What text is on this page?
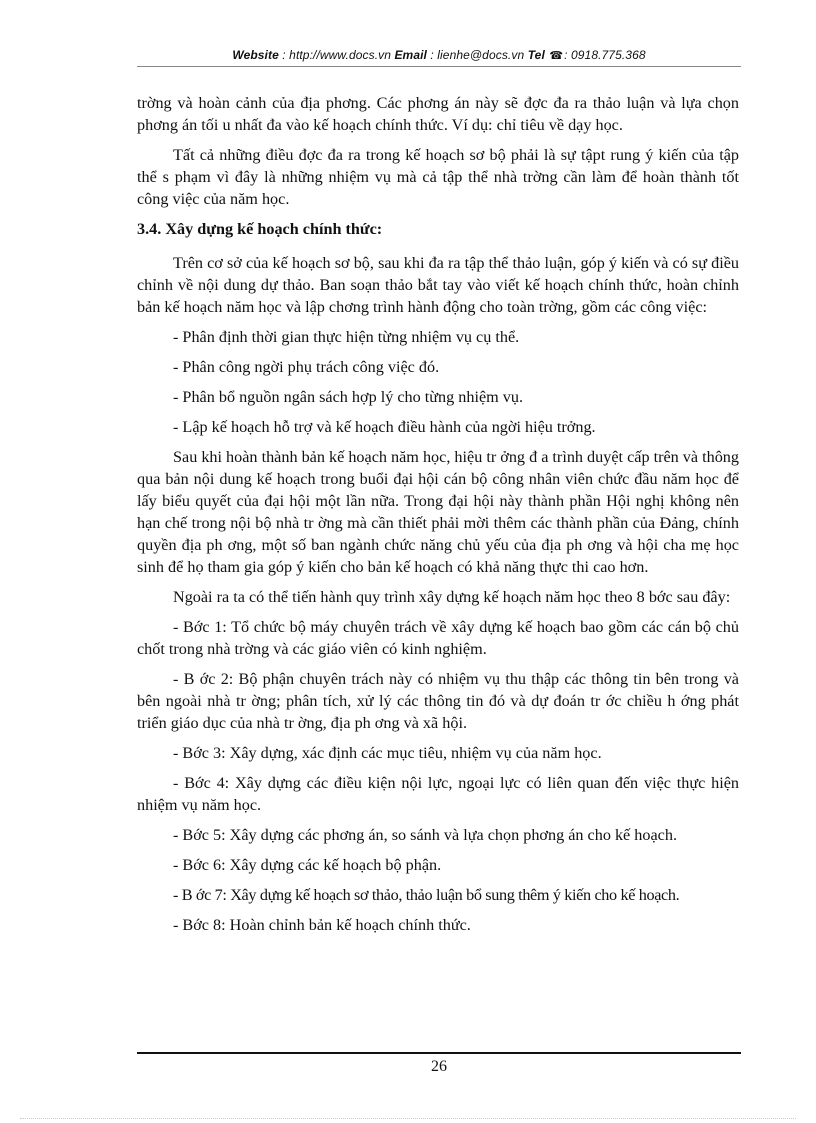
Website : http://www.docs.vn Email : lienhe@docs.vn Tel ☎: 0918.775.368

trờng và hoàn cảnh của địa phơng. Các phơng án này sẽ đợc đa ra thảo luận và lựa chọn phơng án tối u nhất đa vào kế hoạch chính thức. Ví dụ: chỉ tiêu về dạy học.

Tất cả những điều đợc đa ra trong kế hoạch sơ bộ phải là sự tậpt rung ý kiến của tập thể s phạm vì đây là những nhiệm vụ mà cả tập thể nhà trờng cần làm để hoàn thành tốt công việc của năm học.

3.4. Xây dựng kế hoạch chính thức:

Trên cơ sở của kế hoạch sơ bộ, sau khi đa ra tập thể thảo luận, góp ý kiến và có sự điều chỉnh về nội dung dự thảo. Ban soạn thảo bắt tay vào viết kế hoạch chính thức, hoàn chỉnh bản kế hoạch năm học và lập chơng trình hành động cho toàn trờng, gồm các công việc:

- Phân định thời gian thực hiện từng nhiệm vụ cụ thể.

- Phân công ngời phụ trách công việc đó.

- Phân bổ nguồn ngân sách hợp lý cho từng nhiệm vụ.

- Lập kế hoạch hỗ trợ và kế hoạch điều hành của ngời hiệu trởng.

Sau khi hoàn thành bản kế hoạch năm học, hiệu tr ởng đ a trình duyệt cấp trên và thông qua bản nội dung kế hoạch trong buổi đại hội cán bộ công nhân viên chức đầu năm học để lấy biểu quyết của đại hội một lần nữa. Trong đại hội này thành phần Hội nghị không nên hạn chế trong nội bộ nhà tr ờng mà cần thiết phải mời thêm các thành phần của Đảng, chính quyền địa ph ơng, một số ban ngành chức năng chủ yếu của địa ph ơng và hội cha mẹ học sinh để họ tham gia góp ý kiến cho bản kế hoạch có khả năng thực thi cao hơn.

Ngoài ra ta có thể tiến hành quy trình xây dựng kế hoạch năm học theo 8 bớc sau đây:

- Bớc 1: Tổ chức bộ máy chuyên trách về xây dựng kế hoạch bao gồm các cán bộ chủ chốt trong nhà trờng và các giáo viên có kinh nghiệm.

- B ớc 2: Bộ phận chuyên trách này có nhiệm vụ thu thập các thông tin bên trong và bên ngoài nhà tr ờng; phân tích, xử lý các thông tin đó và dự đoán tr ớc chiều h ớng phát triển giáo dục của nhà tr ờng, địa ph ơng và xã hội.

- Bớc 3: Xây dựng, xác định các mục tiêu, nhiệm vụ của năm học.

- Bớc 4: Xây dựng các điều kiện nội lực, ngoại lực có liên quan đến việc thực hiện nhiệm vụ năm học.

- Bớc 5: Xây dựng các phơng án, so sánh và lựa chọn phơng án cho kế hoạch.

- Bớc 6: Xây dựng các kế hoạch bộ phận.

- B ớc 7: Xây dựng kế hoạch sơ thảo, thảo luận bổ sung thêm ý kiến cho kế hoạch.

- Bớc 8: Hoàn chỉnh bản kế hoạch chính thức.

26
